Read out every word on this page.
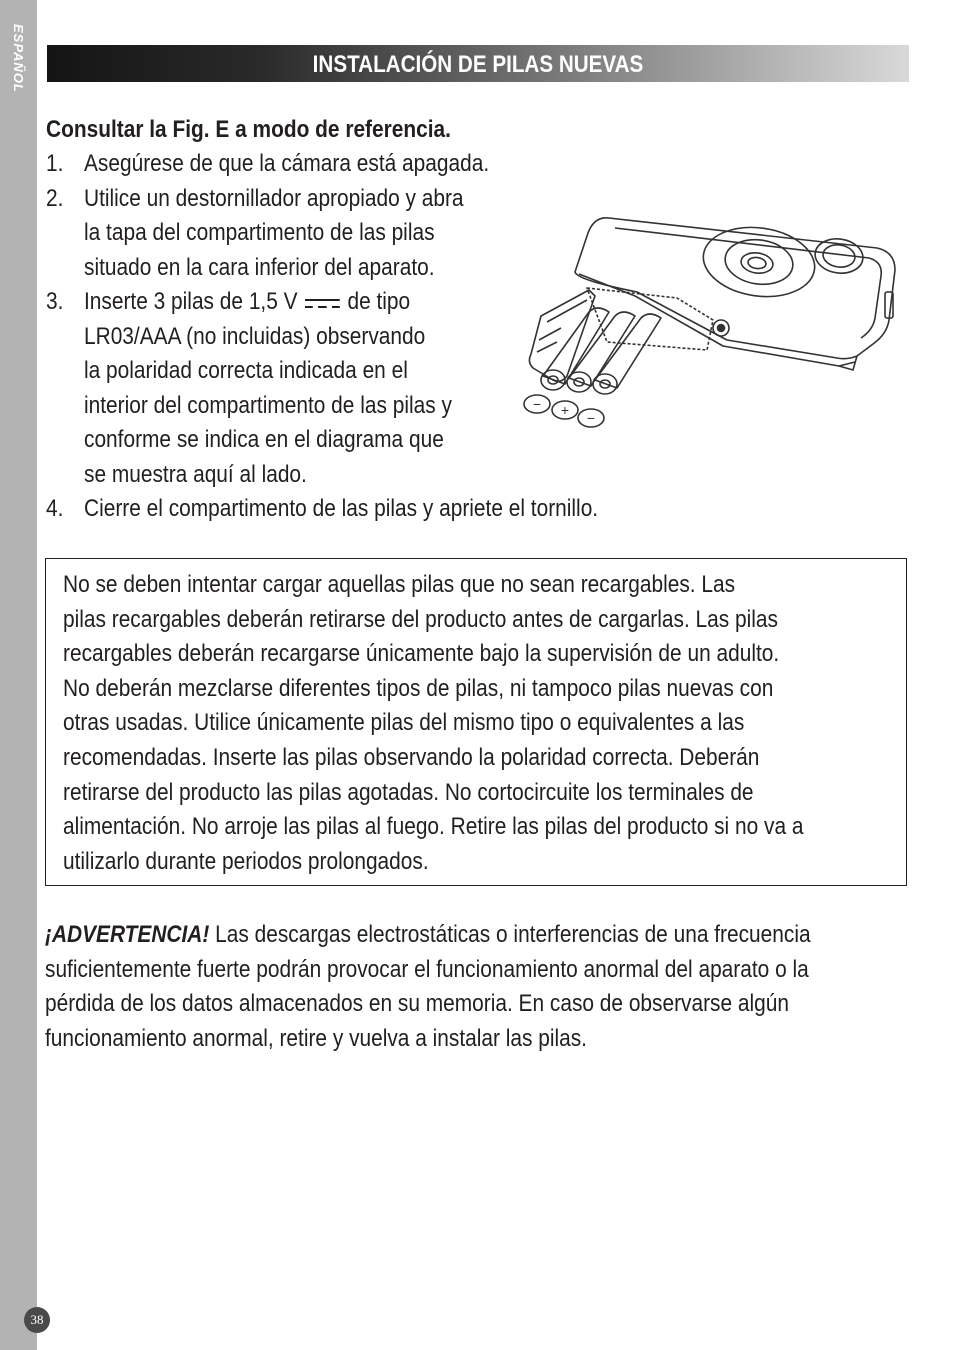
ESPAÑOL
38
INSTALACIÓN DE PILAS NUEVAS

Consultar la Fig. E a modo de referencia.

1. Asegúrese de que la cámara está apagada.
2. Utilice un destornillador apropiado y abra
la tapa del compartimento de las pilas
situado en la cara inferior del aparato.
3. Inserte 3 pilas de 1,5 V de tipo
LR03/AAA (no incluidas) observando
la polaridad correcta indicada en el
interior del compartimento de las pilas y
conforme se indica en el diagrama que
se muestra aquí al lado.
4. Cierre el compartimento de las pilas y apriete el tornillo.
− + −
No se deben intentar cargar aquellas pilas que no sean recargables. Las
pilas recargables deberán retirarse del producto antes de cargarlas. Las pilas
recargables deberán recargarse únicamente bajo la supervisión de un adulto.
No deberán mezclarse diferentes tipos de pilas, ni tampoco pilas nuevas con
otras usadas. Utilice únicamente pilas del mismo tipo o equivalentes a las
recomendadas. Inserte las pilas observando la polaridad correcta. Deberán
retirarse del producto las pilas agotadas. No cortocircuite los terminales de
alimentación. No arroje las pilas al fuego. Retire las pilas del producto si no va a
utilizarlo durante periodos prolongados.
¡ADVERTENCIA! Las descargas electrostáticas o interferencias de una frecuencia
suficientemente fuerte podrán provocar el funcionamiento anormal del aparato o la
pérdida de los datos almacenados en su memoria. En caso de observarse algún
funcionamiento anormal, retire y vuelva a instalar las pilas.
